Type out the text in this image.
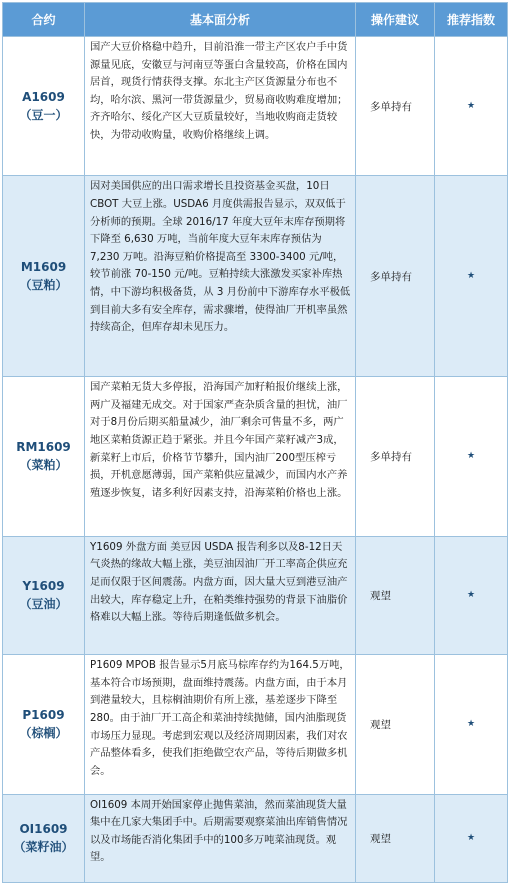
合约	基本面分析	操作建议	推荐指数

A1609
（豆一）	国产大豆价格稳中趋升，目前沿淮一带主产区农户手中货源量见底，安徽豆与河南豆等蛋白含量较高，价格在国内居首，现货行情获得支撑。东北主产区货源量分布也不均，哈尔滨、黑河一带货源量少，贸易商收购难度增加；齐齐哈尔、绥化产区大豆质量较好，当地收购商走货较快，为带动收购量，收购价格继续上调。	多单持有	★

M1609
（豆粕）	因对美国供应的出口需求增长且投资基金买盘，10日 CBOT 大豆上涨。USDA6 月度供需报告显示，双双低于分析师的预期。全球 2016/17 年度大豆年末库存预期将下降至 6,630 万吨，当前年度大豆年末库存预估为 7,230 万吨。沿海豆粕价格提高至 3300-3400 元/吨，较节前涨 70-150 元/吨。豆粕持续大涨激发买家补库热情，中下游均积极备货，从 3 月份前中下游库存水平极低到目前大多有安全库存，需求骤增，使得油厂开机率虽然持续高企，但库存却未见压力。	多单持有	★

RM1609
（菜粕）	国产菜粕无货大多停报，沿海国产加籽粕报价继续上涨，两广及福建无成交。对于国家严查杂质含量的担忧，油厂对于8月份后期买船量减少，油厂剩余可售量不多，两广地区菜粕货源正趋于紧张。并且今年国产菜籽减产3成，新菜籽上市后，价格节节攀升，国内油厂200型压榨亏损，开机意愿薄弱，国产菜粕供应量减少，而国内水产养殖逐步恢复，诸多利好因素支持，沿海菜粕价格也上涨。	多单持有	★

Y1609
（豆油）	Y1609 外盘方面 美豆因 USDA 报告利多以及8-12日天气炎热的缘故大幅上涨，美豆油因油厂开工率高企供应充足而仅限于区间震荡。内盘方面，因大量大豆到港豆油产出较大，库存稳定上升，在粕类维持强势的背景下油脂价格难以大幅上涨。等待后期逢低做多机会。	观望	★

P1609
（棕榈）	P1609 MPOB 报告显示5月底马棕库存约为164.5万吨，基本符合市场预期，盘面维持震荡。内盘方面，由于本月到港量较大，且棕榈油期价有所上涨，基差逐步下降至280。由于油厂开工高企和菜油持续抛储，国内油脂现货市场压力显现。考虑到宏观以及经济周期因素，我们对农产品整体看多，使我们拒绝做空农产品，等待后期做多机会。	观望	★

OI1609
（菜籽油）	OI1609 本周开始国家停止抛售菜油，然而菜油现货大量集中在几家大集团手中。后期需要观察菜油出库销售情况以及市场能否消化集团手中的100多万吨菜油现货。观望。	观望	★
